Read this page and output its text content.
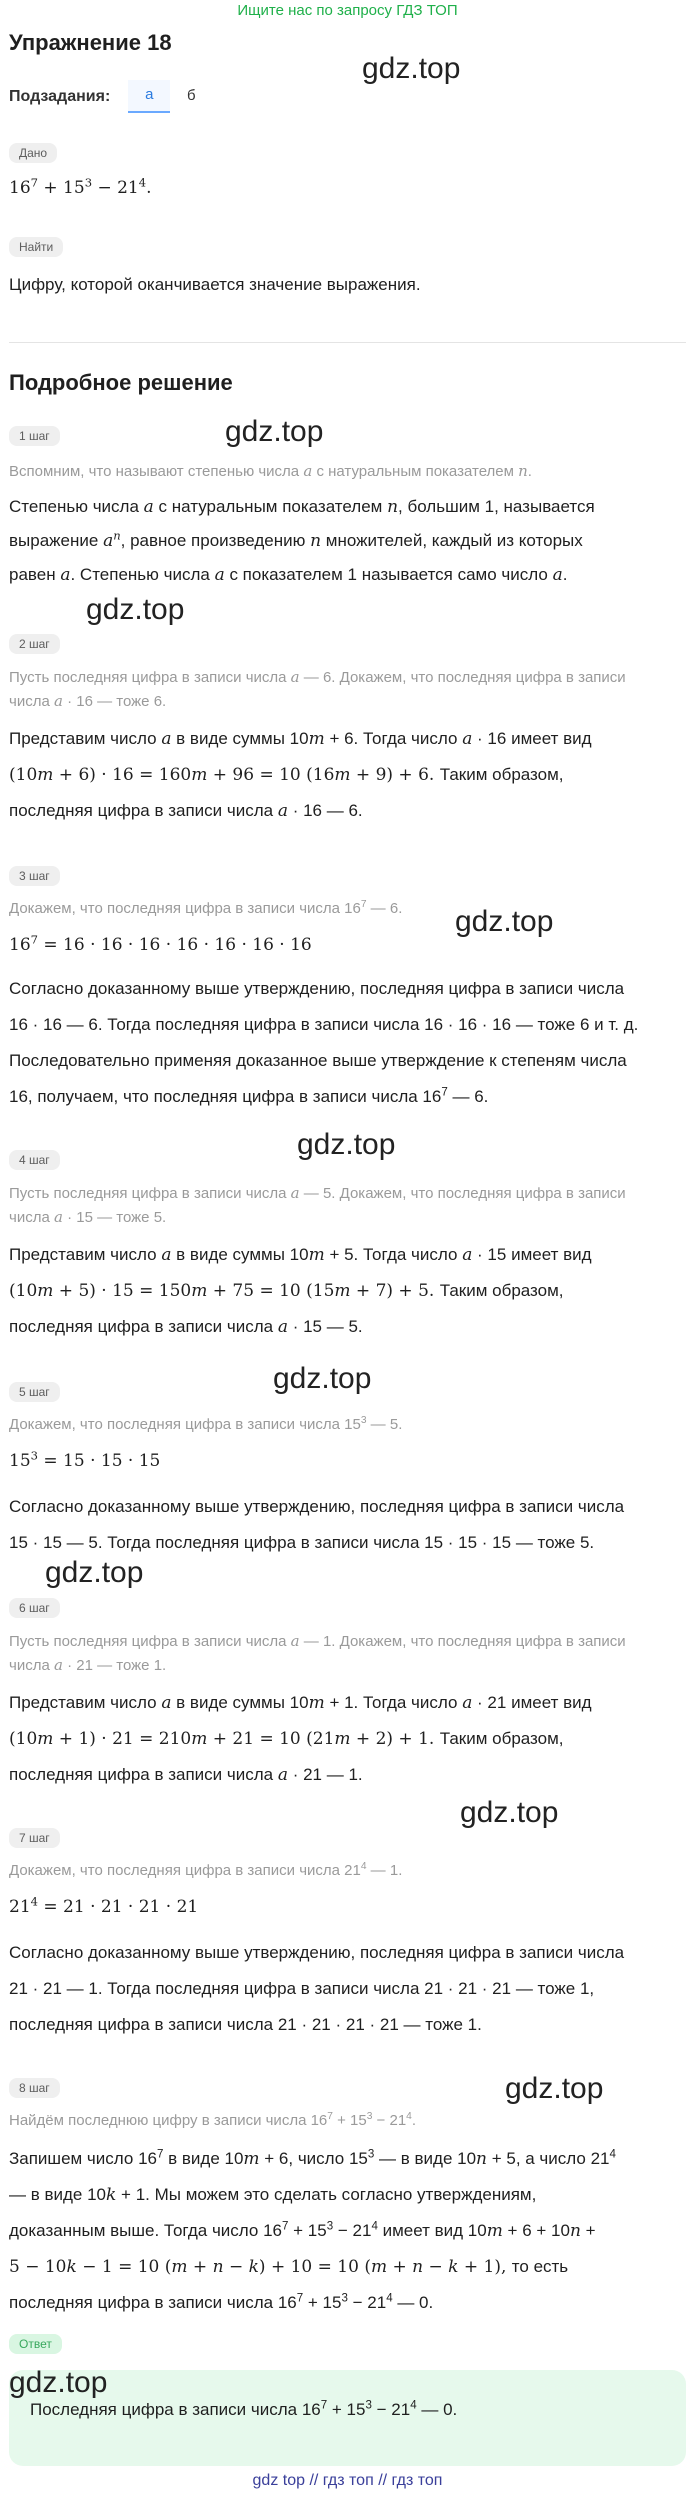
Ищите нас по запросу ГДЗ ТОП
Упражнение 18
gdz.top
Подзадания:	а	б
Дано
$16^7 + 15^3 - 21^4$.
Найти
Цифру, которой оканчивается значение выражения.
Подробное решение
1 шаг	gdz.top
Вспомним, что называют степенью числа a с натуральным показателем n.
Степенью числа a с натуральным показателем n, большим 1, называется
выражение $a^n$, равное произведению n множителей, каждый из которых
равен a. Степенью числа a с показателем 1 называется само число a.
gdz.top
2 шаг
Пусть последняя цифра в записи числа a — 6. Докажем, что последняя цифра в записи
числа a · 16 — тоже 6.
Представим число a в виде суммы 10m + 6. Тогда число a · 16 имеет вид
(10m + 6) · 16 = 160m + 96 = 10 (16m + 9) + 6. Таким образом,
последняя цифра в записи числа a · 16 — 6.
3 шаг
Докажем, что последняя цифра в записи числа $16^7$ — 6.	gdz.top
$16^7 = 16 \cdot 16 \cdot 16 \cdot 16 \cdot 16 \cdot 16 \cdot 16$
Согласно доказанному выше утверждению, последняя цифра в записи числа
16 · 16 — 6. Тогда последняя цифра в записи числа 16 · 16 · 16 — тоже 6 и т. д.
Последовательно применяя доказанное выше утверждение к степеням числа
16, получаем, что последняя цифра в записи числа $16^7$ — 6.
gdz.top
4 шаг
Пусть последняя цифра в записи числа a — 5. Докажем, что последняя цифра в записи
числа a · 15 — тоже 5.
Представим число a в виде суммы 10m + 5. Тогда число a · 15 имеет вид
(10m + 5) · 15 = 150m + 75 = 10 (15m + 7) + 5. Таким образом,
последняя цифра в записи числа a · 15 — 5.
gdz.top
5 шаг
Докажем, что последняя цифра в записи числа $15^3$ — 5.
$15^3 = 15 \cdot 15 \cdot 15$
Согласно доказанному выше утверждению, последняя цифра в записи числа
15 · 15 — 5. Тогда последняя цифра в записи числа 15 · 15 · 15 — тоже 5.
gdz.top
6 шаг
Пусть последняя цифра в записи числа a — 1. Докажем, что последняя цифра в записи
числа a · 21 — тоже 1.
Представим число a в виде суммы 10m + 1. Тогда число a · 21 имеет вид
(10m + 1) · 21 = 210m + 21 = 10 (21m + 2) + 1. Таким образом,
последняя цифра в записи числа a · 21 — 1.
gdz.top
7 шаг
Докажем, что последняя цифра в записи числа $21^4$ — 1.
$21^4 = 21 \cdot 21 \cdot 21 \cdot 21$
Согласно доказанному выше утверждению, последняя цифра в записи числа
21 · 21 — 1. Тогда последняя цифра в записи числа 21 · 21 · 21 — тоже 1,
последняя цифра в записи числа 21 · 21 · 21 · 21 — тоже 1.
gdz.top
8 шаг
Найдём последнюю цифру в записи числа $16^7 + 15^3 - 21^4$.
Запишем число $16^7$ в виде 10m + 6, число $15^3$ — в виде 10n + 5, а число $21^4$
— в виде 10k + 1. Мы можем это сделать согласно утверждениям,
доказанным выше. Тогда число $16^7 + 15^3 - 21^4$ имеет вид 10m + 6 + 10n +
5 − 10k − 1 = 10 (m + n − k) + 10 = 10 (m + n − k + 1), то есть
последняя цифра в записи числа $16^7 + 15^3 - 21^4$ — 0.
Ответ
gdz.top
Последняя цифра в записи числа $16^7 + 15^3 - 21^4$ — 0.
gdz top // гдз топ // гдз топ
